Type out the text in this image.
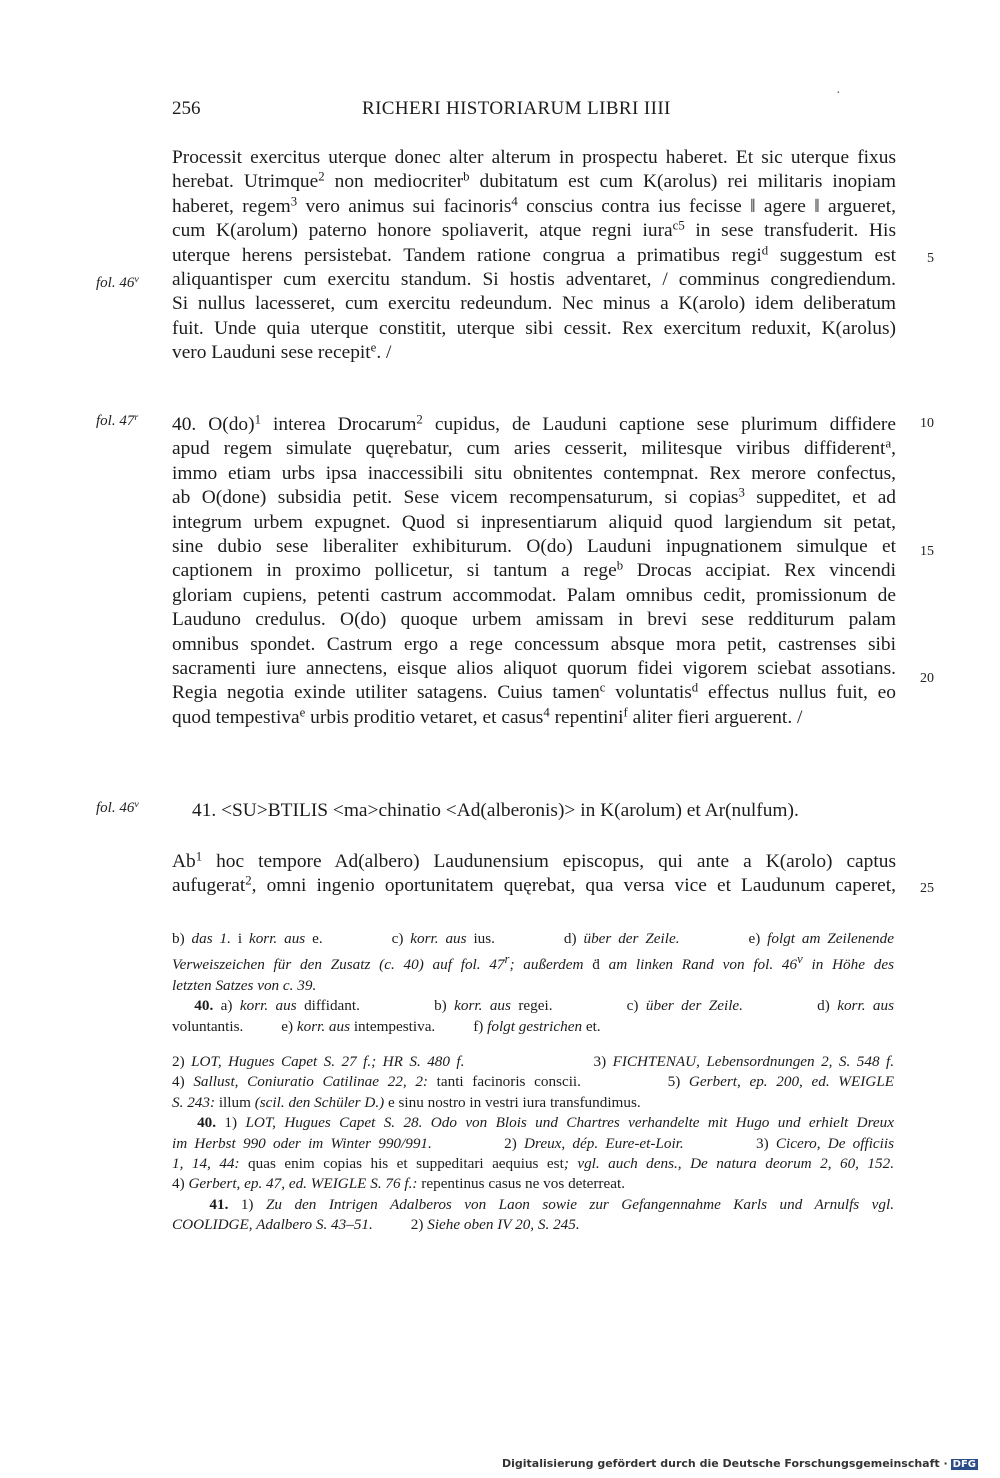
256	RICHERI HISTORIARUM LIBRI IIII
·
Processit exercitus uterque donec alter alterum in prospectu haberet. Et sic uterque fixus
herebat. Utrimque$^2$ non mediocriter$^b$ dubitatum est cum K(arolus) rei militaris inopiam
haberet, regem$^3$ vero animus sui facinoris$^4$ conscius contra ius fecisse ‖ agere ‖ argueret,
cum K(arolum) paterno honore spoliaverit, atque regni iura$^{c5}$ in sese transfuderit. His
uterque herens persistebat. Tandem ratione congrua a primatibus regi$^d$ suggestum est
aliquantisper cum exercitu standum. Si hostis adventaret, / comminus congrediendum.
Si nullus lacesseret, cum exercitu redeundum. Nec minus a K(arolo) idem deliberatum
fuit. Unde quia uterque constitit, uterque sibi cessit. Rex exercitum reduxit, K(arolus)
vero Lauduni sese recepit$^e$. /
40. O(do)$^1$ interea Drocarum$^2$ cupidus, de Lauduni captione sese plurimum diffidere
apud regem simulate quęrebatur, cum aries cesserit, militesque viribus diffiderent$^a$,
immo etiam urbs ipsa inaccessibili situ obnitentes contempnat. Rex merore confectus,
ab O(done) subsidia petit. Sese vicem recompensaturum, si copias$^3$ suppeditet, et ad
integrum urbem expugnet. Quod si inpresentiarum aliquid quod largiendum sit petat,
sine dubio sese liberaliter exhibiturum. O(do) Lauduni inpugnationem simulque et
captionem in proximo pollicetur, si tantum a rege$^b$ Drocas accipiat. Rex vincendi
gloriam cupiens, petenti castrum accommodat. Palam omnibus cedit, promissionum de
Lauduno credulus. O(do) quoque urbem amissam in brevi sese redditurum palam
omnibus spondet. Castrum ergo a rege concessum absque mora petit, castrenses sibi
sacramenti iure annectens, eisque alios aliquot quorum fidei vigorem sciebat assotians.
Regia negotia exinde utiliter satagens. Cuius tamen$^c$ voluntatis$^d$ effectus nullus fuit, eo
quod tempestiva$^e$ urbis proditio vetaret, et casus$^4$ repentini$^f$ aliter fieri arguerent. /
41. <SU>BTILIS <ma>chinatio <Ad(alberonis)> in K(arolum) et Ar(nulfum).
Ab$^1$ hoc tempore Ad(albero) Laudunensium episcopus, qui ante a K(arolo) captus
aufugerat$^2$, omni ingenio oportunitatem quęrebat, qua versa vice et Laudunum caperet,
fol. 46$^v$
fol. 47$^r$
fol. 46$^v$
5
10
15
20
25
b) das 1. i korr. aus e.          c) korr. aus ius.          d) über der Zeile.          e) folgt am Zeilenende
Verweiszeichen für den Zusatz (c. 40) auf fol. 47$^r$; außerdem ḋ am linken Rand von fol. 46$^v$ in Höhe des
letzten Satzes von c. 39.
40. a) korr. aus diffidant.          b) korr. aus regei.          c) über der Zeile.          d) korr. aus
voluntantis.          e) korr. aus intempestiva.          f) folgt gestrichen et.
2) LOT, Hugues Capet S. 27 f.; HR S. 480 f.                    3) FICHTENAU, Lebensordnungen 2, S. 548 f.
4) Sallust, Coniuratio Catilinae 22, 2: tanti facinoris conscii.          5) Gerbert, ep. 200, ed. WEIGLE
S. 243: illum (scil. den Schüler D.) e sinu nostro in vestri iura transfundimus.
40. 1) LOT, Hugues Capet S. 28. Odo von Blois und Chartres verhandelte mit Hugo und erhielt Dreux
im Herbst 990 oder im Winter 990/991.          2) Dreux, dép. Eure-et-Loir.          3) Cicero, De officiis
1, 14, 44: quas enim copias his et suppeditari aequius est; vgl. auch dens., De natura deorum 2, 60, 152.
4) Gerbert, ep. 47, ed. WEIGLE S. 76 f.: repentinus casus ne vos deterreat.
41. 1) Zu den Intrigen Adalberos von Laon sowie zur Gefangennahme Karls und Arnulfs vgl.
COOLIDGE, Adalbero S. 43–51.          2) Siehe oben IV 20, S. 245.
Digitalisierung gefördert durch die Deutsche Forschungsgemeinschaft · DFG
